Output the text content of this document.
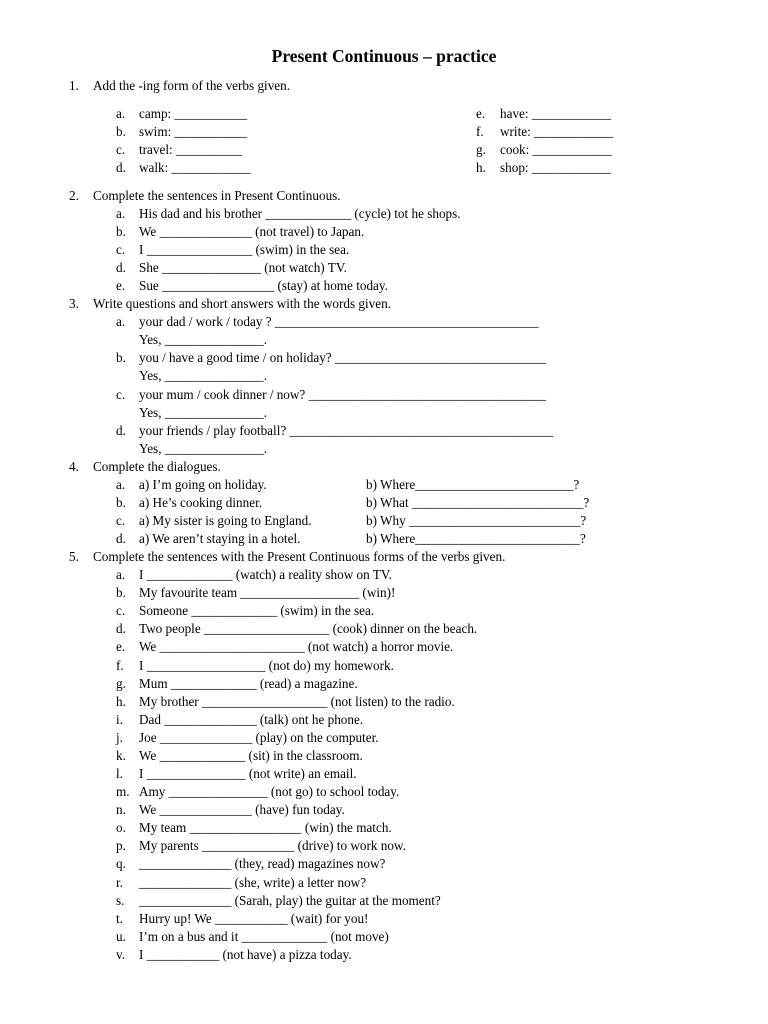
Present Continuous – practice
1. Add the -ing form of the verbs given.
a. camp: ___________	e. have: ____________
b. swim: ___________	f. write: ____________
c. travel: __________	g. cook: ____________
d. walk: ____________	h. shop: ____________
2. Complete the sentences in Present Continuous.
a. His dad and his brother _____________ (cycle) tot he shops.
b. We ______________ (not travel) to Japan.
c. I ________________ (swim) in the sea.
d. She _______________ (not watch) TV.
e. Sue _________________ (stay) at home today.
3. Write questions and short answers with the words given.
a. your dad / work / today ? ________________________________________
Yes, _______________.
b. you / have a good time / on holiday? ________________________________
Yes, _______________.
c. your mum / cook dinner / now? ____________________________________
Yes, _______________.
d. your friends / play football? ________________________________________
Yes, _______________.
4. Complete the dialogues.
a. a) I’m going on holiday.	b) Where________________________?
b. a) He’s cooking dinner.	b) What __________________________?
c. a) My sister is going to England.	b) Why __________________________?
d. a) We aren’t staying in a hotel.	b) Where_________________________?
5. Complete the sentences with the Present Continuous forms of the verbs given.
a. I _____________ (watch) a reality show on TV.
b. My favourite team __________________ (win)!
c. Someone _____________ (swim) in the sea.
d. Two people ___________________ (cook) dinner on the beach.
e. We ______________________ (not watch) a horror movie.
f. I __________________ (not do) my homework.
g. Mum _____________ (read) a magazine.
h. My brother ___________________ (not listen) to the radio.
i. Dad ______________ (talk) ont he phone.
j. Joe ______________ (play) on the computer.
k. We _____________ (sit) in the classroom.
l. I _______________ (not write) an email.
m. Amy _______________ (not go) to school today.
n. We ______________ (have) fun today.
o. My team _________________ (win) the match.
p. My parents ______________ (drive) to work now.
q. ______________ (they, read) magazines now?
r. ______________ (she, write) a letter now?
s. ______________ (Sarah, play) the guitar at the moment?
t. Hurry up! We ___________ (wait) for you!
u. I’m on a bus and it _____________ (not move)
v. I ___________ (not have) a pizza today.
